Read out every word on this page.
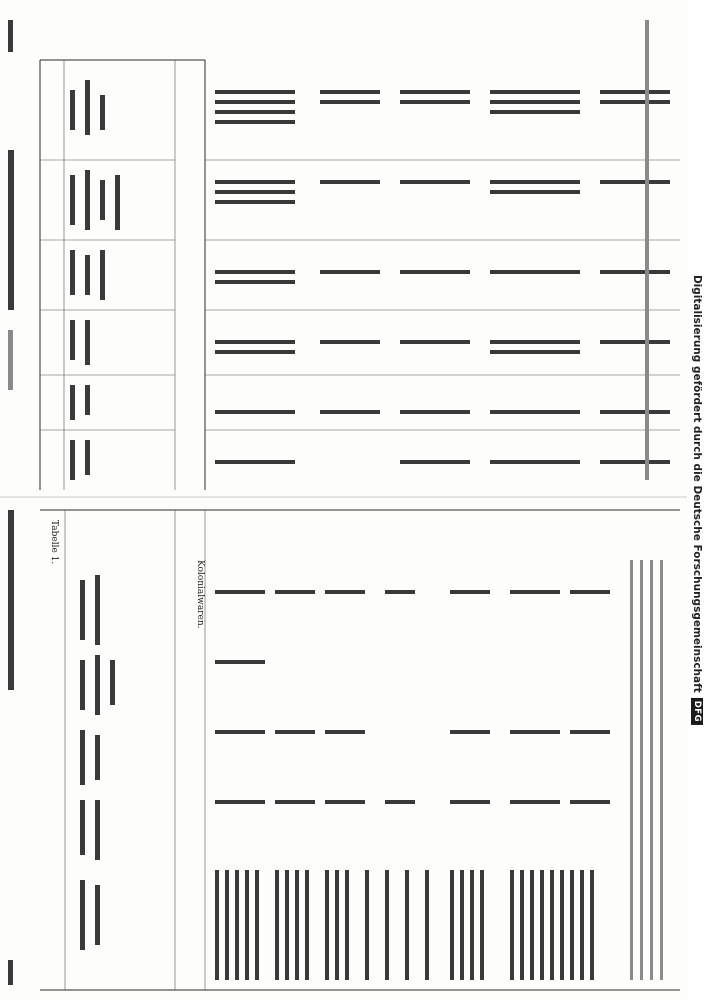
Tabelle 1.
Kolonialwaren.	Digitalisierung gefördert durch die Deutsche Forschungsgemeinschaft
DFG
